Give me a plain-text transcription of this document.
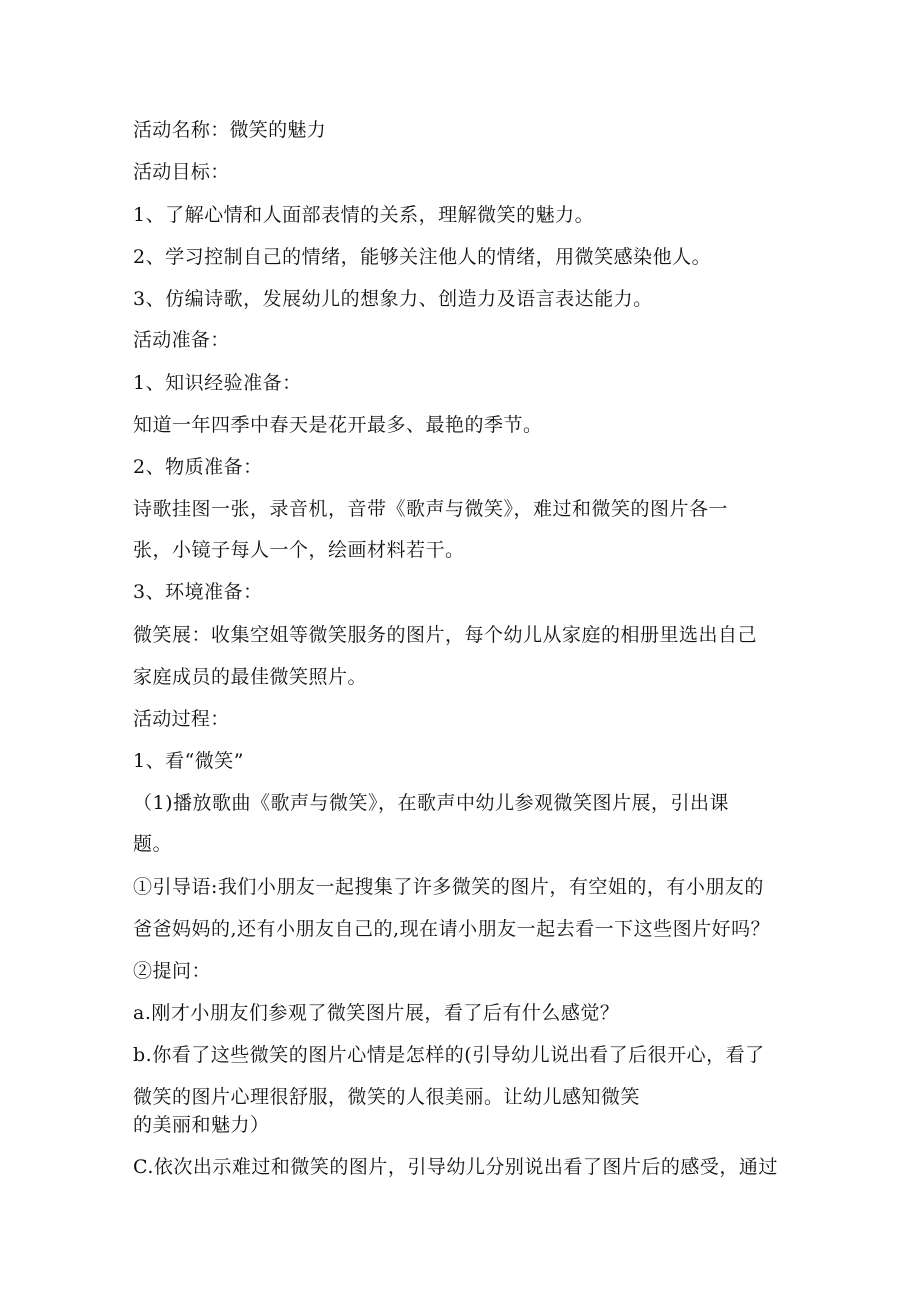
活动名称：微笑的魅力
活动目标：
1、了解心情和人面部表情的关系，理解微笑的魅力。
2、学习控制自己的情绪，能够关注他人的情绪，用微笑感染他人。
3、仿编诗歌，发展幼儿的想象力、创造力及语言表达能力。
活动准备：
1、知识经验准备：
知道一年四季中春天是花开最多、最艳的季节。
2、物质准备：
诗歌挂图一张，录音机，音带《歌声与微笑》，难过和微笑的图片各一
张，小镜子每人一个，绘画材料若干。
3、环境准备：
微笑展：收集空姐等微笑服务的图片，每个幼儿从家庭的相册里选出自己
家庭成员的最佳微笑照片。
活动过程：
1、看“微笑”
（1)播放歌曲《歌声与微笑》，在歌声中幼儿参观微笑图片展，引出课
题。
①引导语:我们小朋友一起搜集了许多微笑的图片，有空姐的，有小朋友的
爸爸妈妈的,还有小朋友自己的,现在请小朋友一起去看一下这些图片好吗？
②提问：
a.刚才小朋友们参观了微笑图片展，看了后有什么感觉？
b.你看了这些微笑的图片心情是怎样的(引导幼儿说出看了后很开心，看了
微笑的图片心理很舒服，微笑的人很美丽。让幼儿感知微笑
的美丽和魅力）
C.依次出示难过和微笑的图片，引导幼儿分别说出看了图片后的感受，通过
